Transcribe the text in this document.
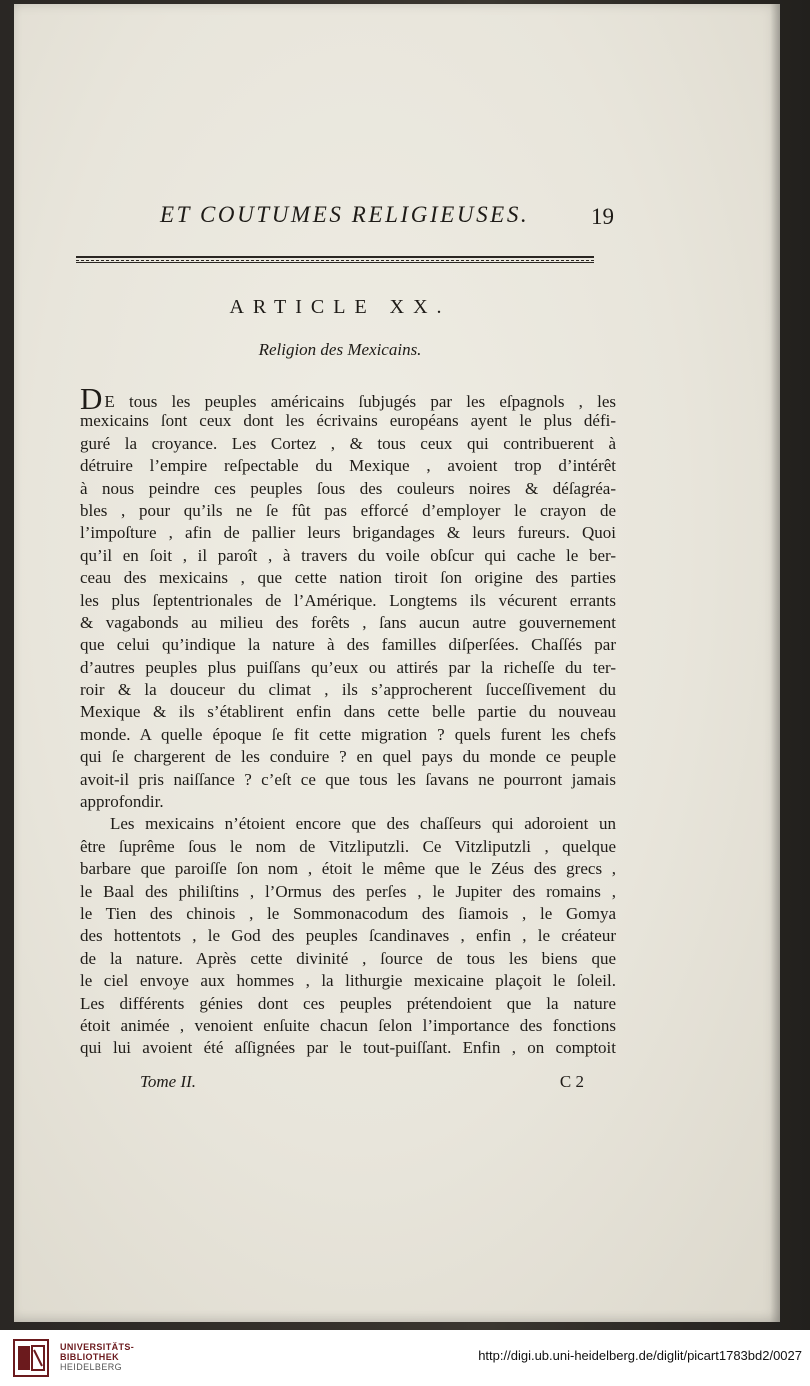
ET COUTUMES RELIGIEUSES.	19
ARTICLE XX.
Religion des Mexicains.
D E tous les peuples américains ſubjugés par les eſpagnols , les
mexicains ſont ceux dont les écrivains européans ayent le plus défi-
guré la croyance. Les Cortez , & tous ceux qui contribuerent à
détruire l’empire reſpectable du Mexique , avoient trop d’intérêt
à nous peindre ces peuples ſous des couleurs noires & déſagréa-
bles , pour qu’ils ne ſe fût pas efforcé d’employer le crayon de
l’impoſture , afin de pallier leurs brigandages & leurs fureurs. Quoi
qu’il en ſoit , il paroît , à travers du voile obſcur qui cache le ber-
ceau des mexicains , que cette nation tiroit ſon origine des parties
les plus ſeptentrionales de l’Amérique. Longtems ils vécurent errants
& vagabonds au milieu des forêts , ſans aucun autre gouvernement
que celui qu’indique la nature à des familles diſperſées. Chaſſés par
d’autres peuples plus puiſſans qu’eux ou attirés par la richeſſe du ter-
roir & la douceur du climat , ils s’approcherent ſucceſſivement du
Mexique & ils s’établirent enfin dans cette belle partie du nouveau
monde. A quelle époque ſe fit cette migration ? quels furent les chefs
qui ſe chargerent de les conduire ? en quel pays du monde ce peuple
avoit-il pris naiſſance ? c’eſt ce que tous les ſavans ne pourront jamais
approfondir.
Les mexicains n’étoient encore que des chaſſeurs qui adoroient un
être ſuprême ſous le nom de Vitzliputzli. Ce Vitzliputzli , quelque
barbare que paroiſſe ſon nom , étoit le même que le Zéus des grecs ,
le Baal des philiſtins , l’Ormus des perſes , le Jupiter des romains ,
le Tien des chinois , le Sommonacodum des ſiamois , le Gomya
des hottentots , le God des peuples ſcandinaves , enfin , le créateur
de la nature. Après cette divinité , ſource de tous les biens que
le ciel envoye aux hommes , la lithurgie mexicaine plaçoit le ſoleil.
Les différents génies dont ces peuples prétendoient que la nature
étoit animée , venoient enſuite chacun ſelon l’importance des fonctions
qui lui avoient été aſſignées par le tout-puiſſant. Enfin , on comptoit
Tome II.	C 2
UNIVERSITÄTS-
BIBLIOTHEK
HEIDELBERG
http://digi.ub.uni-heidelberg.de/diglit/picart1783bd2/0027
